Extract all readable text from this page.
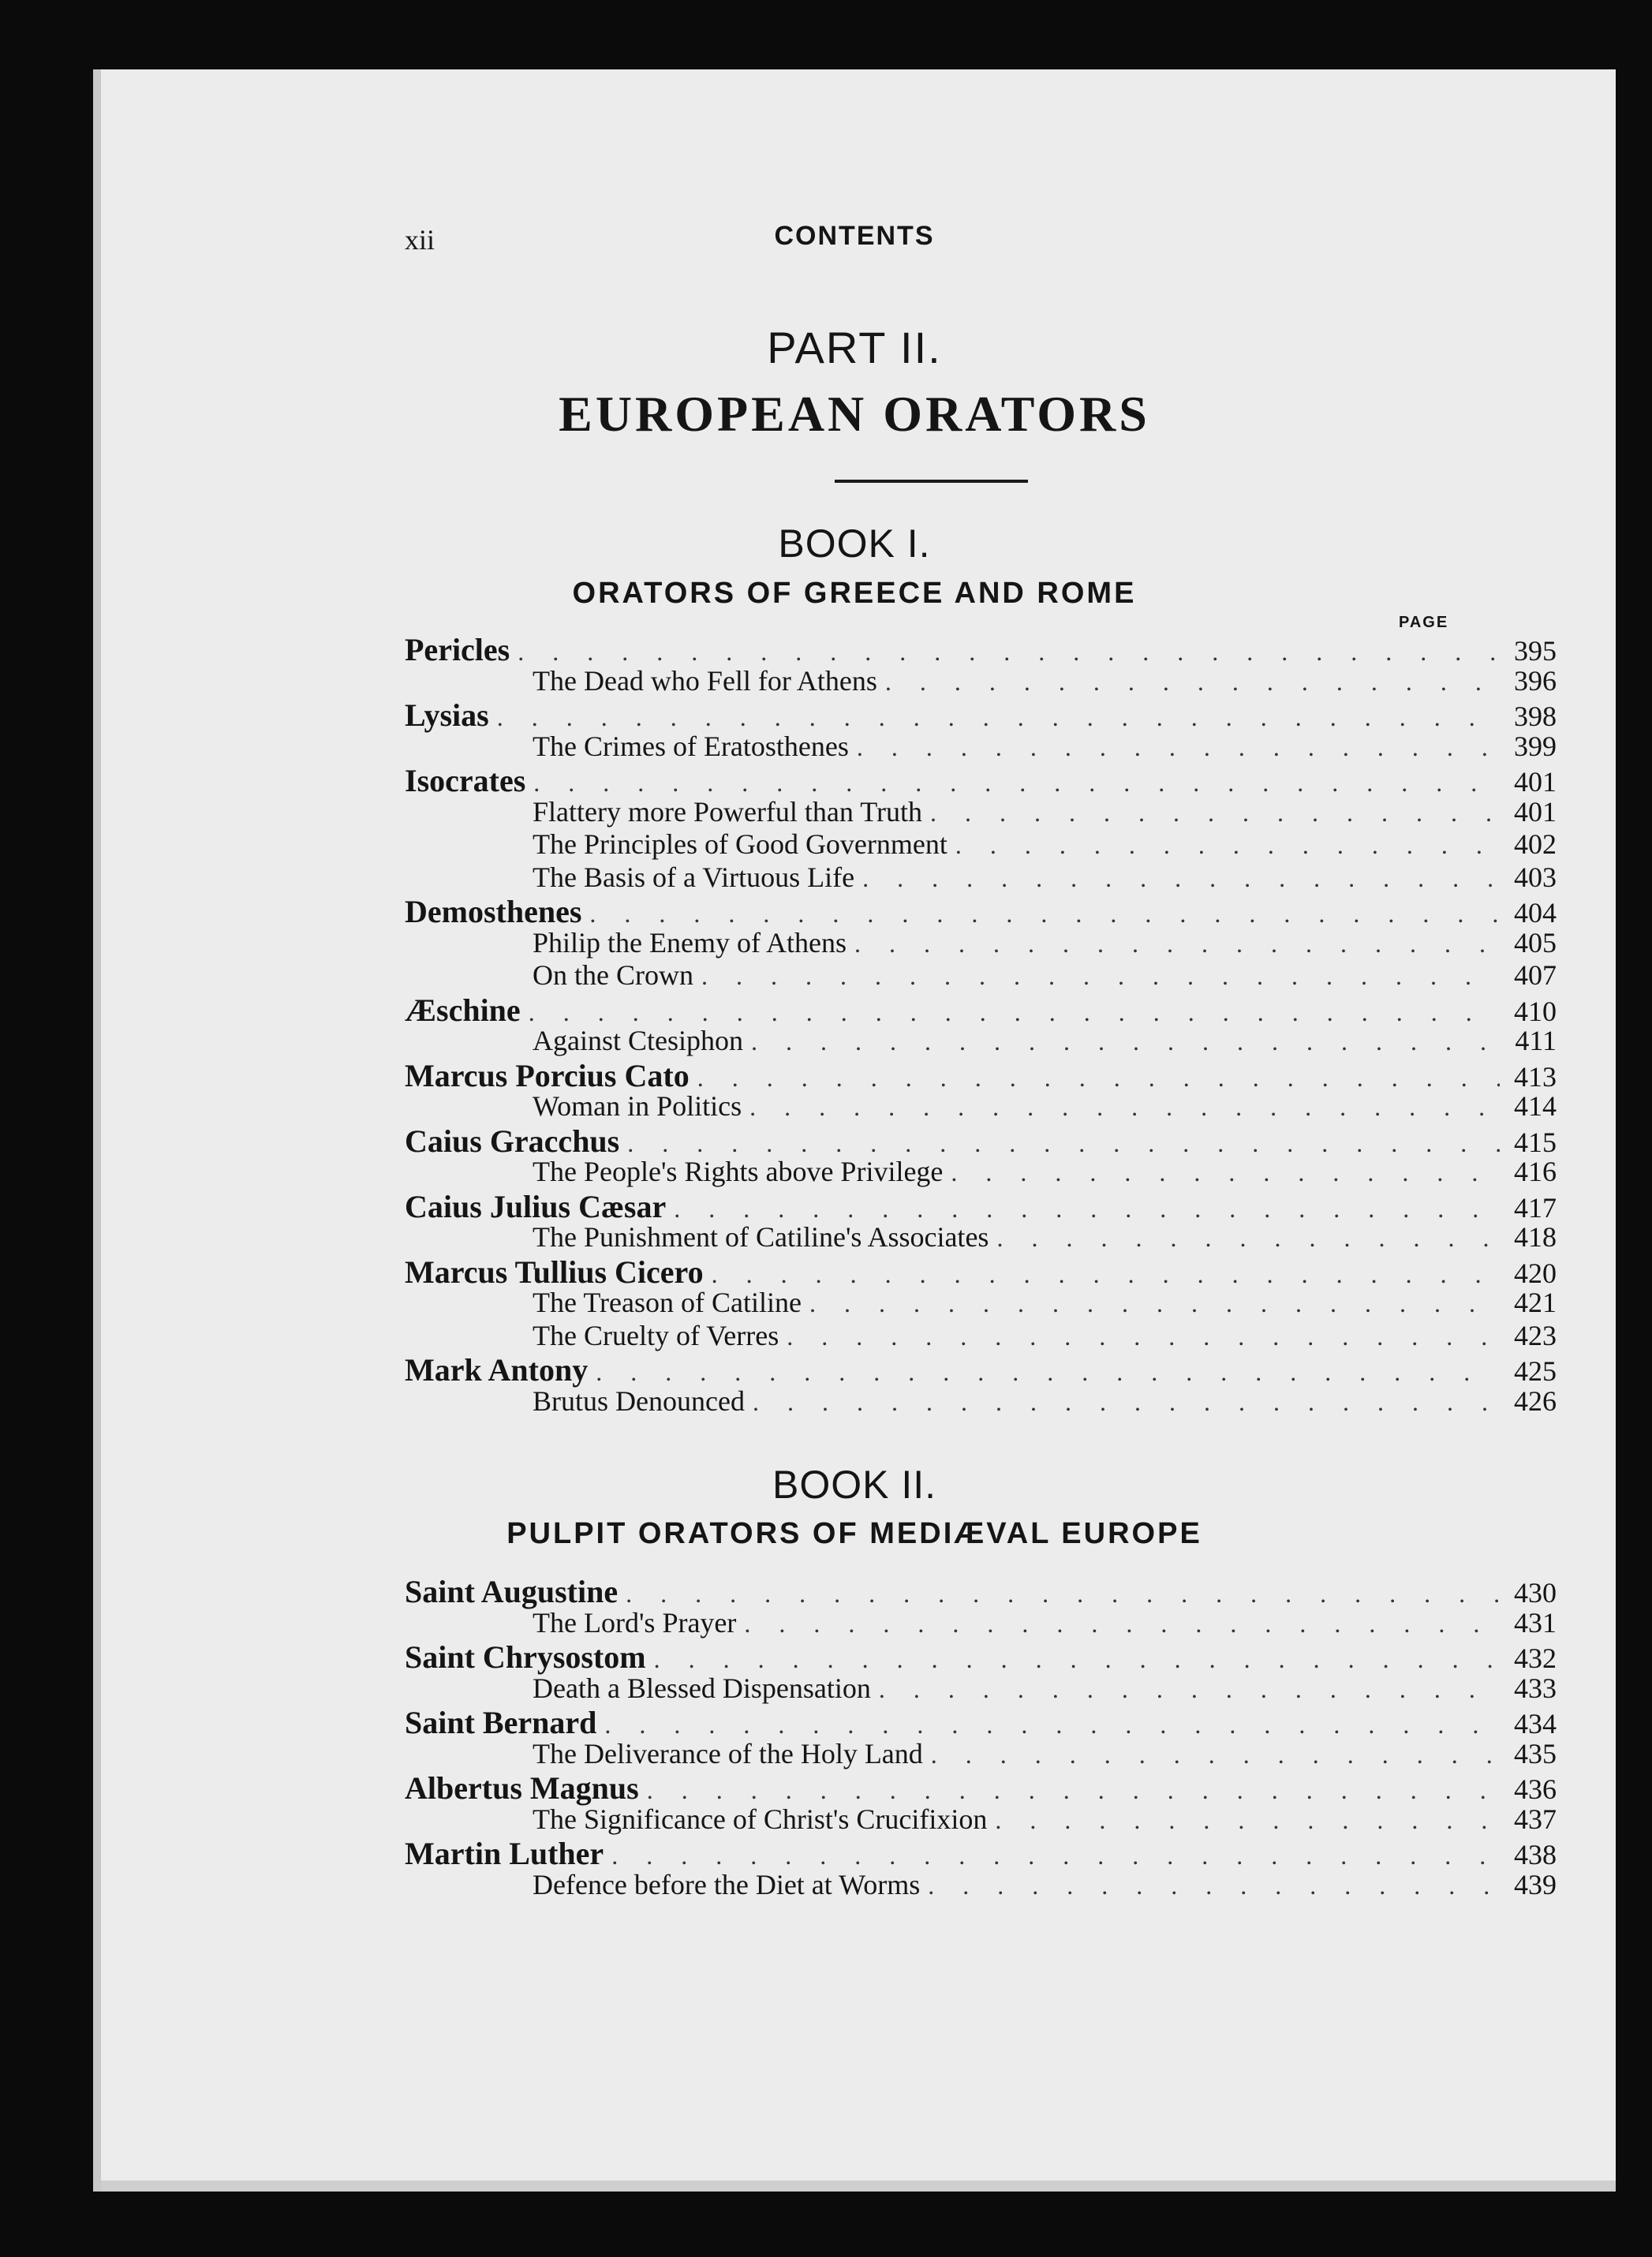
xii	CONTENTS
PART II.
EUROPEAN ORATORS
BOOK I.
ORATORS OF GREECE AND ROME
PAGE
Pericles . . .	395
The Dead who Fell for Athens . . .	396
Lysias . . .	398
The Crimes of Eratosthenes . . .	399
Isocrates . . .	401
Flattery more Powerful than Truth . . .	401
The Principles of Good Government . . .	402
The Basis of a Virtuous Life . . .	403
Demosthenes . . .	404
Philip the Enemy of Athens . . .	405
On the Crown . . .	407
Æschine . . .	410
Against Ctesiphon . . .	411
Marcus Porcius Cato . . .	413
Woman in Politics . . .	414
Caius Gracchus . . .	415
The People's Rights above Privilege . . .	416
Caius Julius Cæsar . . .	417
The Punishment of Catiline's Associates . . .	418
Marcus Tullius Cicero . . .	420
The Treason of Catiline . . .	421
The Cruelty of Verres . . .	423
Mark Antony . . .	425
Brutus Denounced . . .	426
BOOK II.
PULPIT ORATORS OF MEDIÆVAL EUROPE
Saint Augustine . . .	430
The Lord's Prayer . . .	431
Saint Chrysostom . . .	432
Death a Blessed Dispensation . . .	433
Saint Bernard . . .	434
The Deliverance of the Holy Land . . .	435
Albertus Magnus . . .	436
The Significance of Christ's Crucifixion . . .	437
Martin Luther . . .	438
Defence before the Diet at Worms . . .	439
